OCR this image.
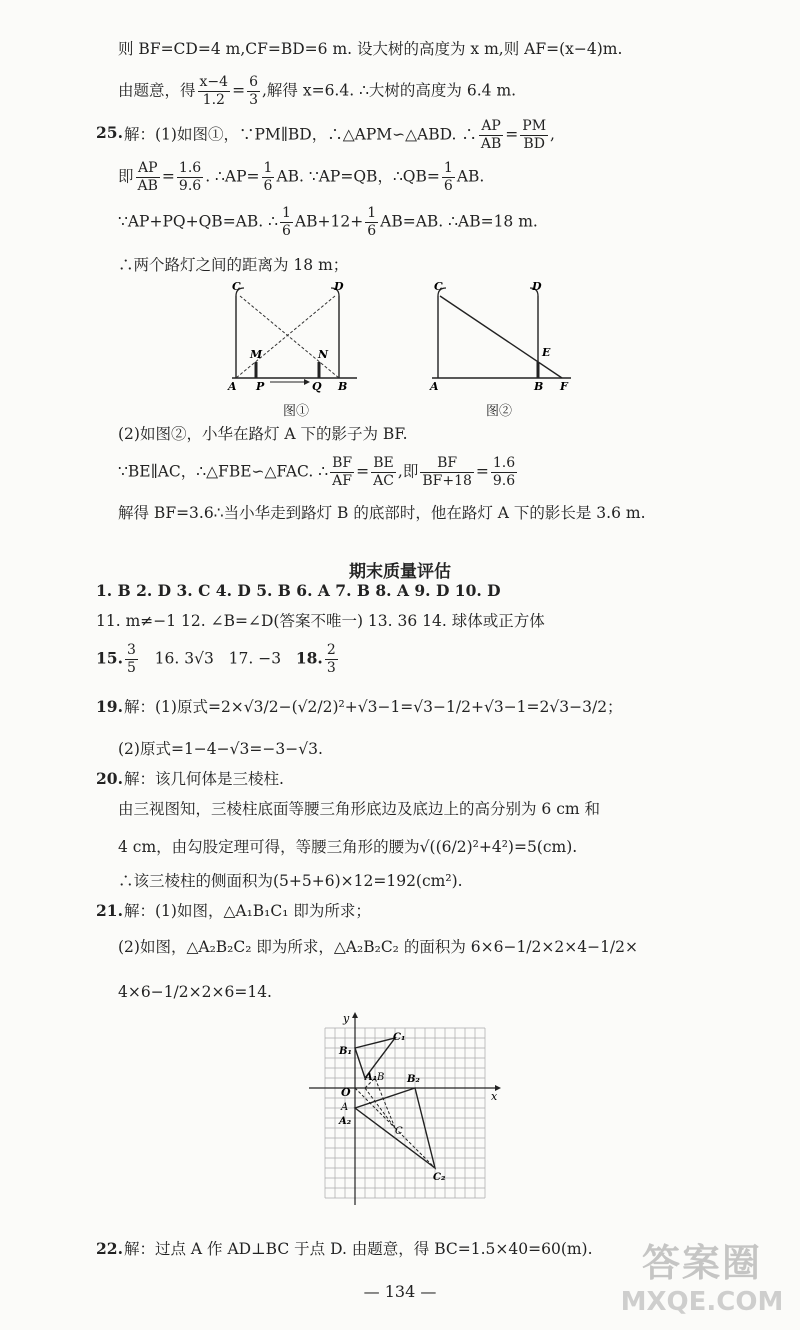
则 BF=CD=4 m,CF=BD=6 m. 设大树的高度为 x m,则 AF=(x−4)m.
由题意，得 $\frac{x-4}{1.2} = \frac{6}{3}$ ,解得 x=6.4. ∴大树的高度为 6.4 m.
25. 解：(1)如图①，∵PM∥BD，∴△APM∽△ABD. ∴ $\frac{AP}{AB} = \frac{PM}{BD}$ ,
即 $\frac{AP}{AB} = \frac{1.6}{9.6}$ . ∴AP= $\frac{1}{6}$ AB. ∵AP=QB，∴QB= $\frac{1}{6}$ AB.
∵AP+PQ+QB=AB. ∴ $\frac{1}{6} AB+12+ \frac{1}{6} AB=AB$. ∴AB=18 m.
∴两个路灯之间的距离为 18 m；
C	D
M	N
A P	Q B
图①
C	D
E
A	B F
图②
(2)如图②，小华在路灯 A 下的影子为 BF.
∵BE∥AC，∴△FBE∽△FAC. ∴ $\frac{BF}{AF} = \frac{BE}{AC}$ ,即 $\frac{BF}{BF+18} = \frac{1.6}{9.6}$
解得 BF=3.6∴当小华走到路灯 B 的底部时，他在路灯 A 下的影长是 3.6 m.
期末质量评估
1. B 2. D 3. C 4. D 5. B 6. A 7. B 8. A 9. D 10. D
11. m≠−1 12. ∠B=∠D(答案不唯一) 13. 36 14. 球体或正方体
15. $\frac{3}{5} 16$. 3√3 17. −3 18. $\frac{2}{3}$
19. 解：(1)原式=2×√3/2−(√2/2)²+√3−1=√3−1/2+√3−1=2√3−3/2；
(2)原式=1−4−√3=−3−√3.
20. 解：该几何体是三棱柱.
由三视图知，三棱柱底面等腰三角形底边及底边上的高分别为 6 cm 和
4 cm，由勾股定理可得，等腰三角形的腰为√((6/2)²+4²)=5(cm).
∴该三棱柱的侧面积为(5+5+6)×12=192(cm²).
21. 解：(1)如图，△A₁B₁C₁ 即为所求；
(2)如图，△A₂B₂C₂ 即为所求，△A₂B₂C₂ 的面积为 6×6−1/2×2×4−1/2×
4×6−1/2×2×6=14.
y
x
O
B₁
C₁
A₁ B B₂
A
A₂
C
C₂
22. 解：过点 A 作 AD⊥BC 于点 D. 由题意，得 BC=1.5×40=60(m).
— 134 —
答案圈
MXQE.COM
